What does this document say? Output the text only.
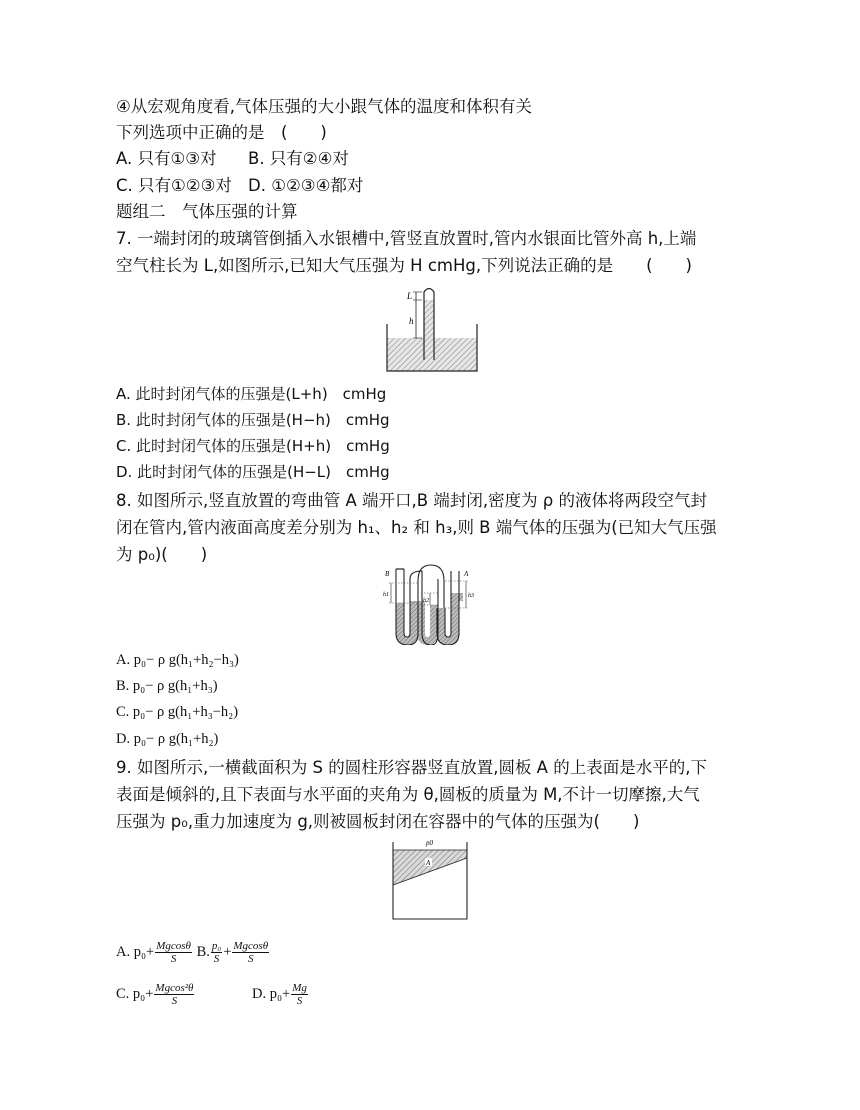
④从宏观角度看,气体压强的大小跟气体的温度和体积有关
下列选项中正确的是　(　　)
A. 只有①③对 B. 只有②④对
C. 只有①②③对 D. ①②③④都对
题组二　气体压强的计算
7. 一端封闭的玻璃管倒插入水银槽中,管竖直放置时,管内水银面比管外高 h,上端
空气柱长为 L,如图所示,已知大气压强为 H cmHg,下列说法正确的是　　(　　)
L
h
A. 此时封闭气体的压强是(L+h)　cmHg
B. 此时封闭气体的压强是(H−h)　cmHg
C. 此时封闭气体的压强是(H+h)　cmHg
D. 此时封闭气体的压强是(H−L)　cmHg
8. 如图所示,竖直放置的弯曲管 A 端开口,B 端封闭,密度为 ρ 的液体将两段空气封
闭在管内,管内液面高度差分别为 h₁、h₂ 和 h₃,则 B 端气体的压强为(已知大气压强
为 p₀)(　　)
B	A
h1
h2
h3
A. p₀− ρ g(h₁+h₂−h₃)
B. p₀− ρ g(h₁+h₃)
C. p₀− ρ g(h₁+h₃−h₂)
D. p₀− ρ g(h₁+h₂)
9. 如图所示,一横截面积为 S 的圆柱形容器竖直放置,圆板 A 的上表面是水平的,下
表面是倾斜的,且下表面与水平面的夹角为 θ,圆板的质量为 M,不计一切摩擦,大气
压强为 p₀,重力加速度为 g,则被圆板封闭在容器中的气体的压强为(　　)
p0
A
A. $p_0+ \frac{Mgcos\theta}{S} B$. $\frac{\text{p₀}}{S} + \frac{Mgcos\theta}{S}$
C. $p_0+ \frac{\text{Mgcos²θ}}{S}$	D. $p_0+ \frac{Mg}{S}$
